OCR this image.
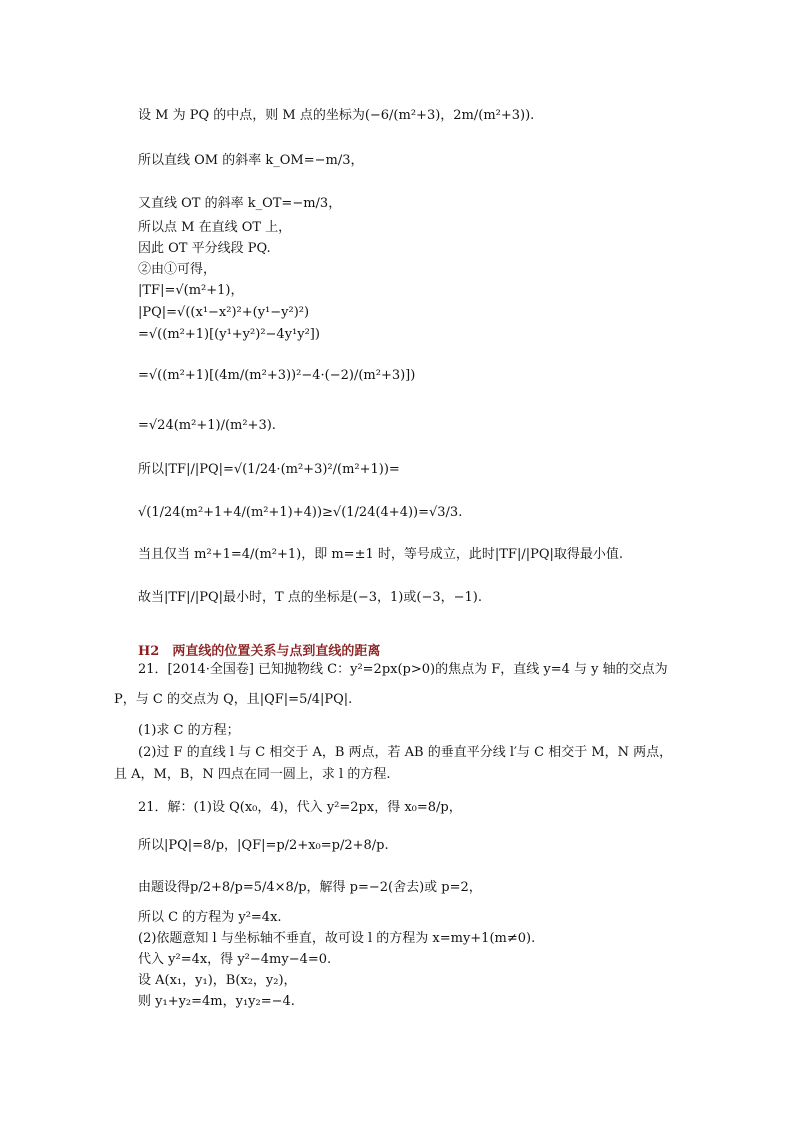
设 M 为 PQ 的中点，则 M 点的坐标为(−6/(m²+3)，2m/(m²+3)).
所以直线 OM 的斜率 k_OM=−m/3，
又直线 OT 的斜率 k_OT=−m/3，
所以点 M 在直线 OT 上，
因此 OT 平分线段 PQ.
②由①可得，
|TF|=√(m²+1)，
|PQ|=√((x¹−x²)²+(y¹−y²)²)
=√((m²+1)[(y¹+y²)²−4y¹y²])
=√((m²+1)[(4m/(m²+3))²−4·(−2)/(m²+3)])
=√24(m²+1)/(m²+3).
所以|TF|/|PQ|=√(1/24·(m²+3)²/(m²+1))=
√(1/24(m²+1+4/(m²+1)+4))≥√(1/24(4+4))=√3/3.
当且仅当 m²+1=4/(m²+1)，即 m=±1 时，等号成立，此时|TF|/|PQ|取得最小值.
故当|TF|/|PQ|最小时，T 点的坐标是(−3，1)或(−3，−1).
H2　两直线的位置关系与点到直线的距离
21．[2014·全国卷] 已知抛物线 C：y²=2px(p>0)的焦点为 F，直线 y=4 与 y 轴的交点为
P，与 C 的交点为 Q，且|QF|=5/4|PQ|.
(1)求 C 的方程；
(2)过 F 的直线 l 与 C 相交于 A，B 两点，若 AB 的垂直平分线 l′与 C 相交于 M，N 两点，
且 A，M，B，N 四点在同一圆上，求 l 的方程.
21．解：(1)设 Q(x₀，4)，代入 y²=2px，得 x₀=8/p，
所以|PQ|=8/p，|QF|=p/2+x₀=p/2+8/p.
由题设得p/2+8/p=5/4×8/p，解得 p=−2(舍去)或 p=2，
所以 C 的方程为 y²=4x.
(2)依题意知 l 与坐标轴不垂直，故可设 l 的方程为 x=my+1(m≠0).
代入 y²=4x，得 y²−4my−4=0.
设 A(x₁，y₁)，B(x₂，y₂)，
则 y₁+y₂=4m，y₁y₂=−4.
